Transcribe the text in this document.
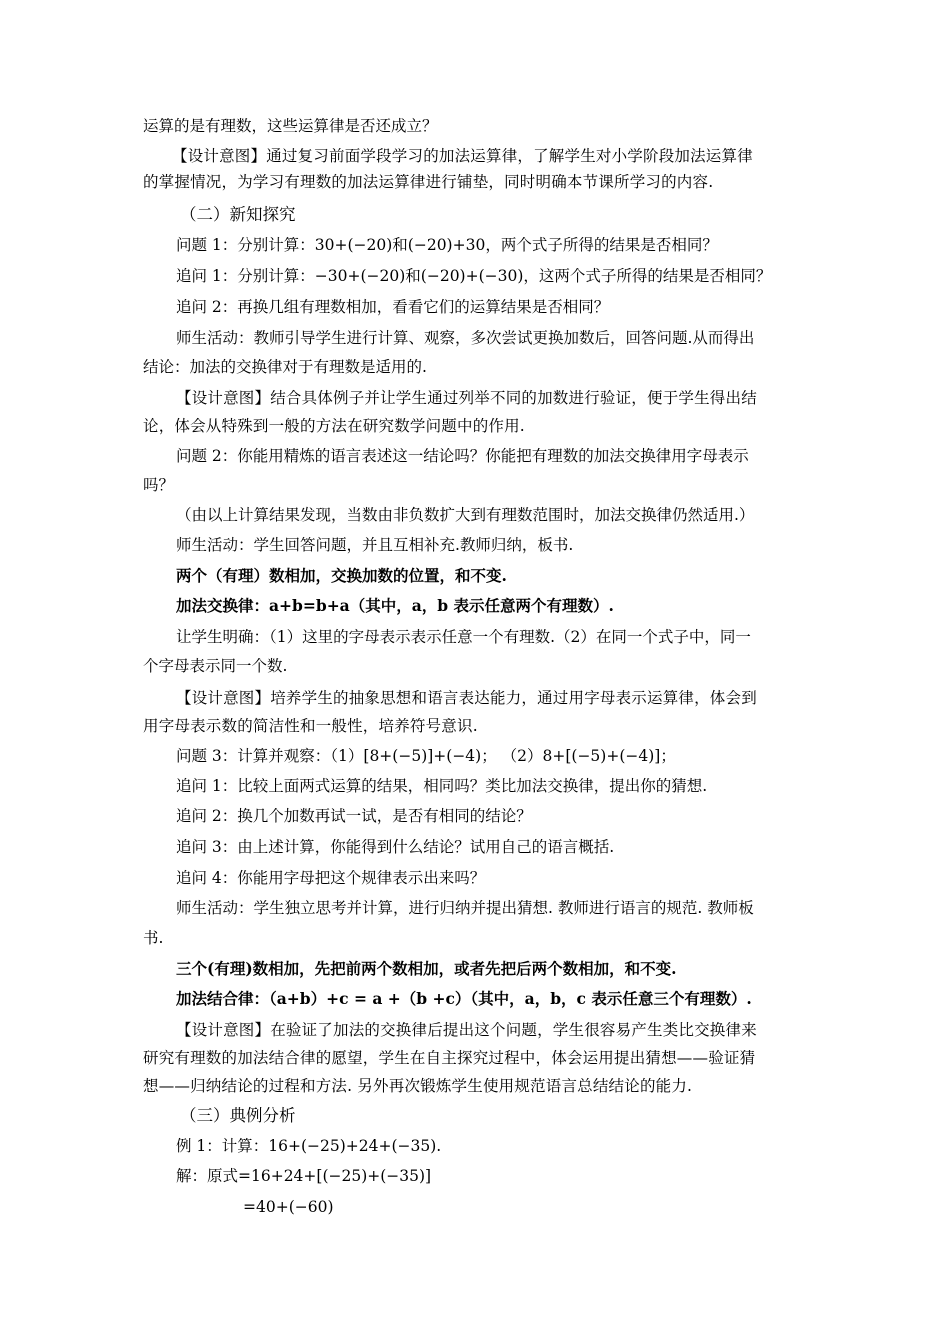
运算的是有理数，这些运算律是否还成立？
【设计意图】通过复习前面学段学习的加法运算律，了解学生对小学阶段加法运算律
的掌握情况，为学习有理数的加法运算律进行铺垫，同时明确本节课所学习的内容.
（二）新知探究
问题 1：分别计算：30+(−20)和(−20)+30，两个式子所得的结果是否相同？
追问 1：分别计算：−30+(−20)和(−20)+(−30)，这两个式子所得的结果是否相同？
追问 2：再换几组有理数相加，看看它们的运算结果是否相同？
师生活动：教师引导学生进行计算、观察，多次尝试更换加数后，回答问题.从而得出
结论：加法的交换律对于有理数是适用的.
【设计意图】结合具体例子并让学生通过列举不同的加数进行验证，便于学生得出结
论，体会从特殊到一般的方法在研究数学问题中的作用.
问题 2：你能用精炼的语言表述这一结论吗？你能把有理数的加法交换律用字母表示
吗？
（由以上计算结果发现，当数由非负数扩大到有理数范围时，加法交换律仍然适用.）
师生活动：学生回答问题，并且互相补充.教师归纳，板书.
两个（有理）数相加，交换加数的位置，和不变.
加法交换律：a+b=b+a（其中，a，b 表示任意两个有理数）.
让学生明确：（1）这里的字母表示表示任意一个有理数.（2）在同一个式子中，同一
个字母表示同一个数.
【设计意图】培养学生的抽象思想和语言表达能力，通过用字母表示运算律，体会到
用字母表示数的简洁性和一般性，培养符号意识.
问题 3：计算并观察：（1）[8+(−5)]+(−4)； （2）8+[(−5)+(−4)]；
追问 1：比较上面两式运算的结果，相同吗？类比加法交换律，提出你的猜想.
追问 2：换几个加数再试一试，是否有相同的结论？
追问 3：由上述计算，你能得到什么结论？试用自己的语言概括.
追问 4：你能用字母把这个规律表示出来吗？
师生活动：学生独立思考并计算，进行归纳并提出猜想. 教师进行语言的规范. 教师板
书.
三个(有理)数相加，先把前两个数相加，或者先把后两个数相加，和不变.
加法结合律：（a+b）+c = a +（b +c）（其中，a，b，c 表示任意三个有理数）.
【设计意图】在验证了加法的交换律后提出这个问题，学生很容易产生类比交换律来
研究有理数的加法结合律的愿望，学生在自主探究过程中，体会运用提出猜想——验证猜
想——归纳结论的过程和方法. 另外再次锻炼学生使用规范语言总结结论的能力.
（三）典例分析
例 1：计算：16+(−25)+24+(−35).
解：原式=16+24+[(−25)+(−35)]
=40+(−60)
